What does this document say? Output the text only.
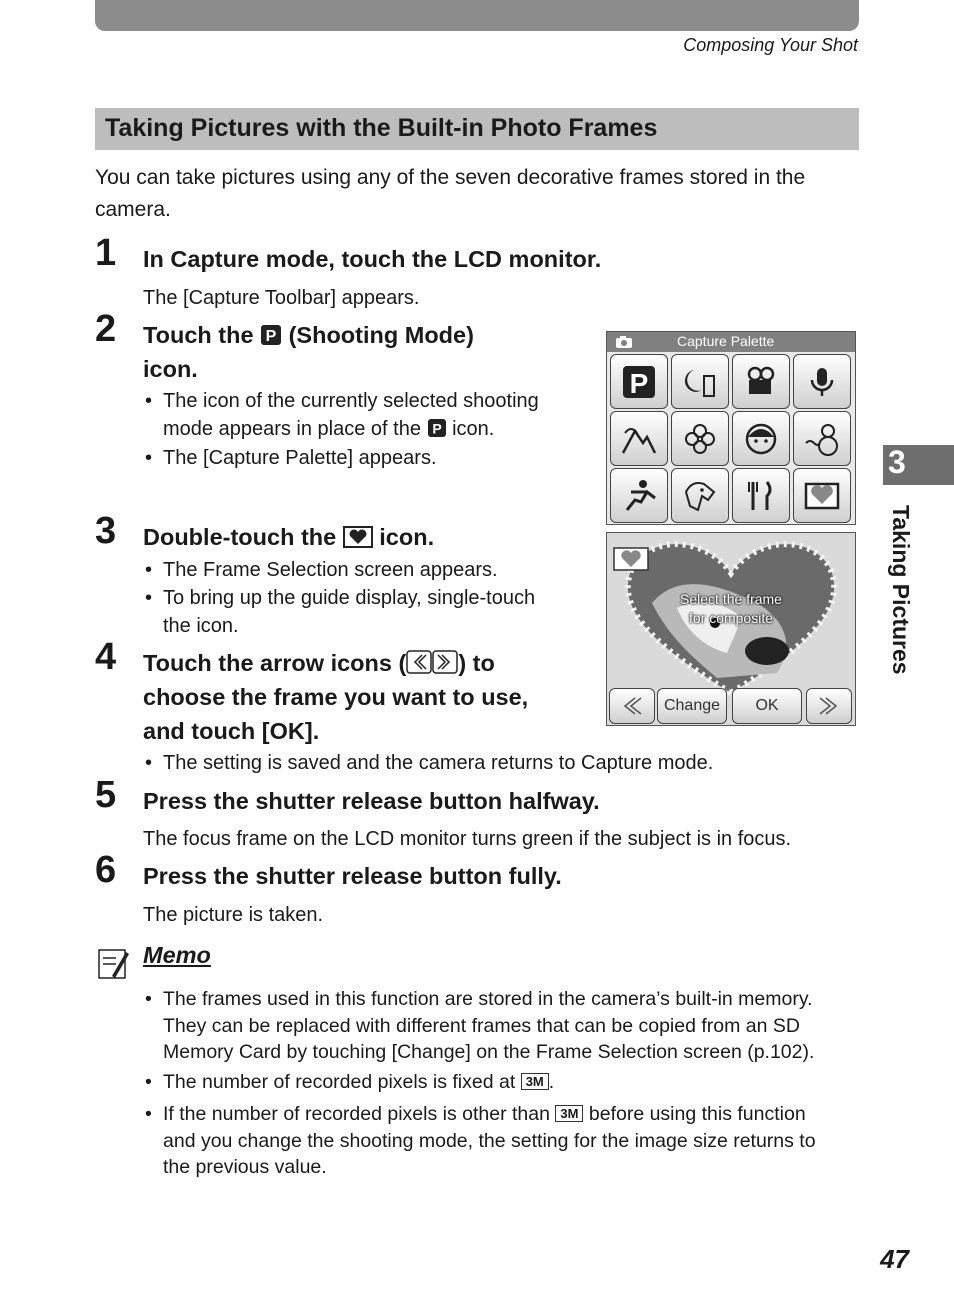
Composing Your Shot
Taking Pictures with the Built-in Photo Frames
You can take pictures using any of the seven decorative frames stored in the camera.
1 In Capture mode, touch the LCD monitor.
The [Capture Toolbar] appears.
2 Touch the P (Shooting Mode)
icon.
• The icon of the currently selected shooting
mode appears in place of the P icon.
• The [Capture Palette] appears.
3 Double-touch the icon.
• The Frame Selection screen appears.
• To bring up the guide display, single-touch
the icon.
4 Touch the arrow icons ( ) to
choose the frame you want to use,
and touch [OK].
• The setting is saved and the camera returns to Capture mode.
5 Press the shutter release button halfway.
The focus frame on the LCD monitor turns green if the subject is in focus.
6 Press the shutter release button fully.
The picture is taken.
Capture Palette
P
Select the frame
for composite
Change	OK
3
Taking Pictures
Memo
• The frames used in this function are stored in the camera’s built-in memory.
They can be replaced with different frames that can be copied from an SD
Memory Card by touching [Change] on the Frame Selection screen (p.102).
• The number of recorded pixels is fixed at 3M .
• If the number of recorded pixels is other than 3M before using this function
and you change the shooting mode, the setting for the image size returns to
the previous value.
47
